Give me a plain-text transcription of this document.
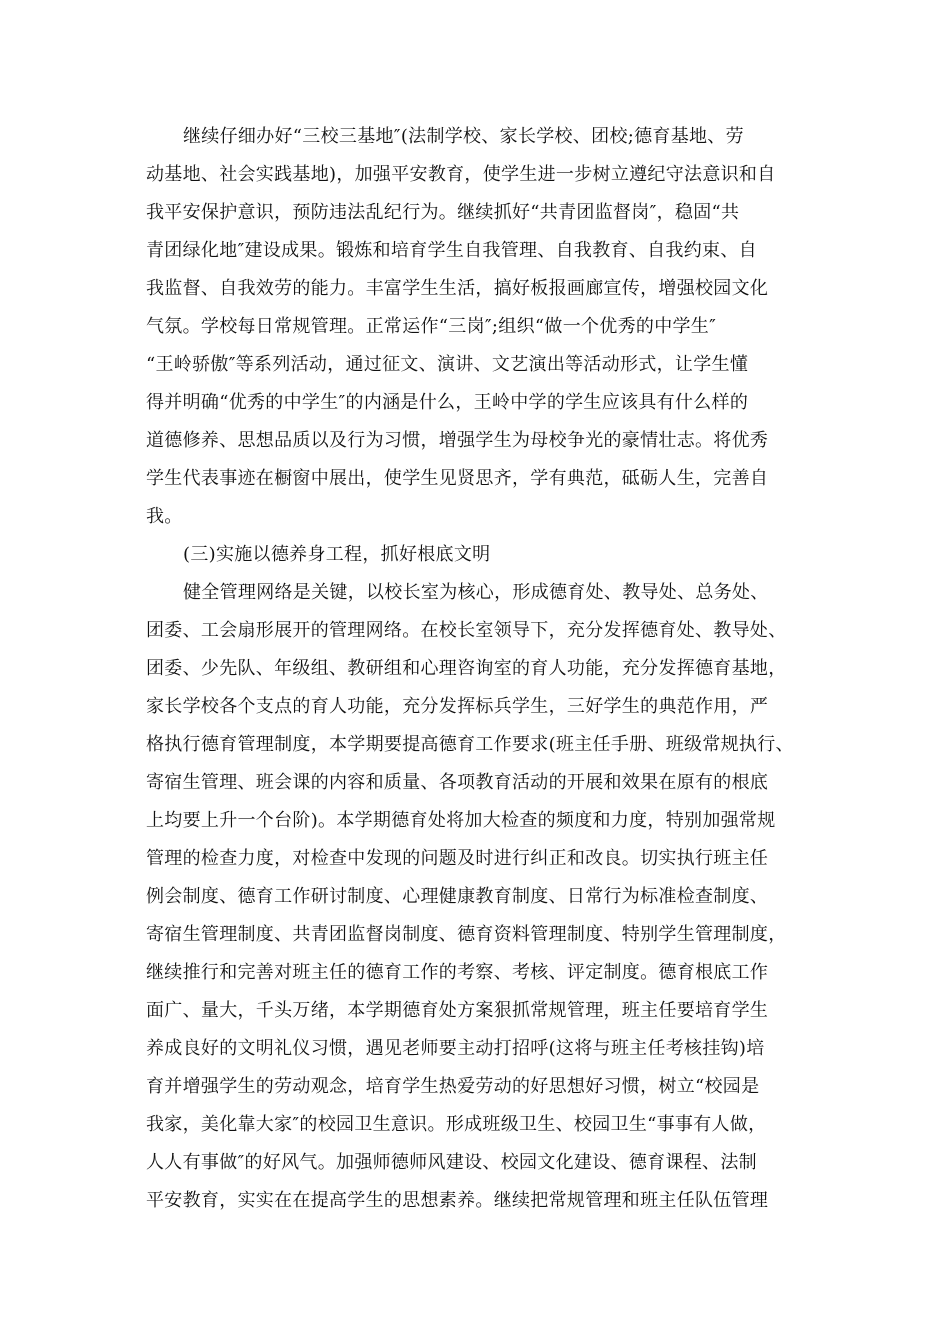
继续仔细办好“三校三基地″(法制学校、家长学校、团校;德育基地、劳
动基地、社会实践基地)，加强平安教育，使学生进一步树立遵纪守法意识和自
我平安保护意识，预防违法乱纪行为。继续抓好“共青团监督岗″，稳固“共
青团绿化地″建设成果。锻炼和培育学生自我管理、自我教育、自我约束、自
我监督、自我效劳的能力。丰富学生生活，搞好板报画廊宣传，增强校园文化
气氛。学校每日常规管理。正常运作“三岗″;组织“做一个优秀的中学生″
“王岭骄傲″等系列活动，通过征文、演讲、文艺演出等活动形式，让学生懂
得并明确“优秀的中学生″的内涵是什么，王岭中学的学生应该具有什么样的
道德修养、思想品质以及行为习惯，增强学生为母校争光的豪情壮志。将优秀
学生代表事迹在橱窗中展出，使学生见贤思齐，学有典范，砥砺人生，完善自
我。
(三)实施以德养身工程，抓好根底文明
健全管理网络是关键，以校长室为核心，形成德育处、教导处、总务处、
团委、工会扇形展开的管理网络。在校长室领导下，充分发挥德育处、教导处、
团委、少先队、年级组、教研组和心理咨询室的育人功能，充分发挥德育基地，
家长学校各个支点的育人功能，充分发挥标兵学生，三好学生的典范作用，严
格执行德育管理制度，本学期要提高德育工作要求(班主任手册、班级常规执行、
寄宿生管理、班会课的内容和质量、各项教育活动的开展和效果在原有的根底
上均要上升一个台阶)。本学期德育处将加大检查的频度和力度，特别加强常规
管理的检查力度，对检查中发现的问题及时进行纠正和改良。切实执行班主任
例会制度、德育工作研讨制度、心理健康教育制度、日常行为标准检查制度、
寄宿生管理制度、共青团监督岗制度、德育资料管理制度、特别学生管理制度，
继续推行和完善对班主任的德育工作的考察、考核、评定制度。德育根底工作
面广、量大，千头万绪，本学期德育处方案狠抓常规管理，班主任要培育学生
养成良好的文明礼仪习惯，遇见老师要主动打招呼(这将与班主任考核挂钩)培
育并增强学生的劳动观念，培育学生热爱劳动的好思想好习惯，树立“校园是
我家，美化靠大家″的校园卫生意识。形成班级卫生、校园卫生“事事有人做，
人人有事做″的好风气。加强师德师风建设、校园文化建设、德育课程、法制
平安教育，实实在在提高学生的思想素养。继续把常规管理和班主任队伍管理
